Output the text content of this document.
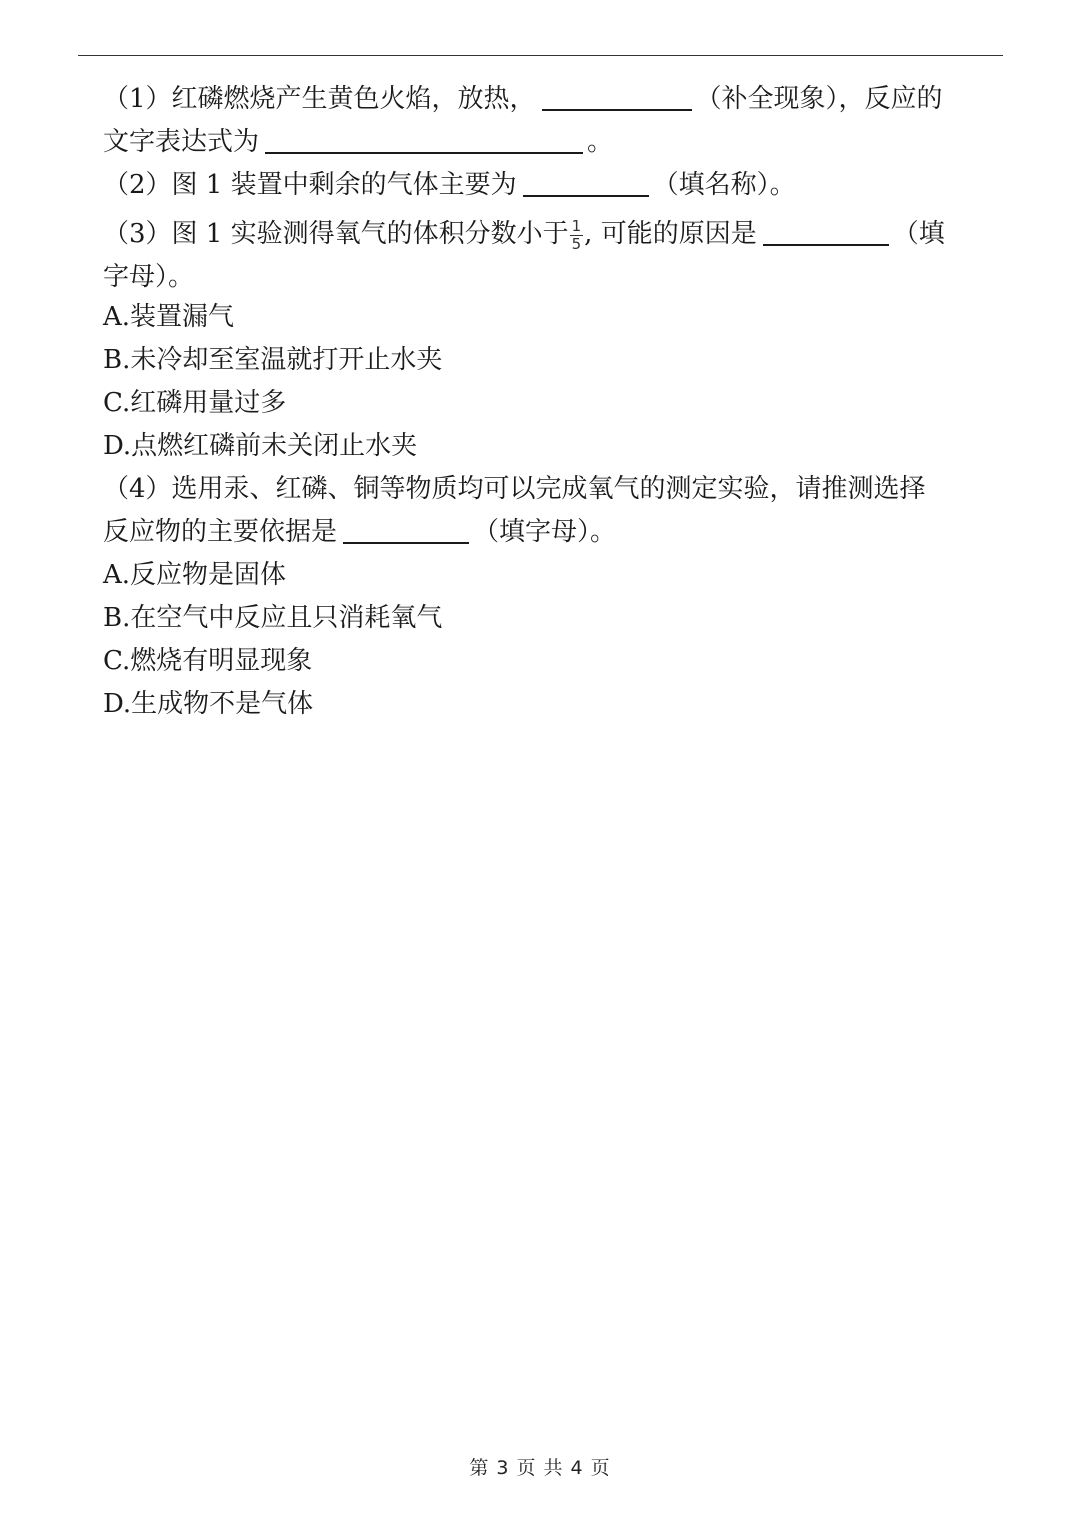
（1）红磷燃烧产生黄色火焰，放热，	（补全现象），反应的
文字表达式为	。
（2）图 1 装置中剩余的气体主要为	（填名称）。
（3）图 1 实验测得氧气的体积分数小于 $\frac{1}{5}$ , 可能的原因是	（填
字母）。
A.装置漏气
B.未冷却至室温就打开止水夹
C.红磷用量过多
D.点燃红磷前未关闭止水夹
（4）选用汞、红磷、铜等物质均可以完成氧气的测定实验，请推测选择
反应物的主要依据是	（填字母）。
A.反应物是固体
B.在空气中反应且只消耗氧气
C.燃烧有明显现象
D.生成物不是气体
第 3 页 共 4 页
